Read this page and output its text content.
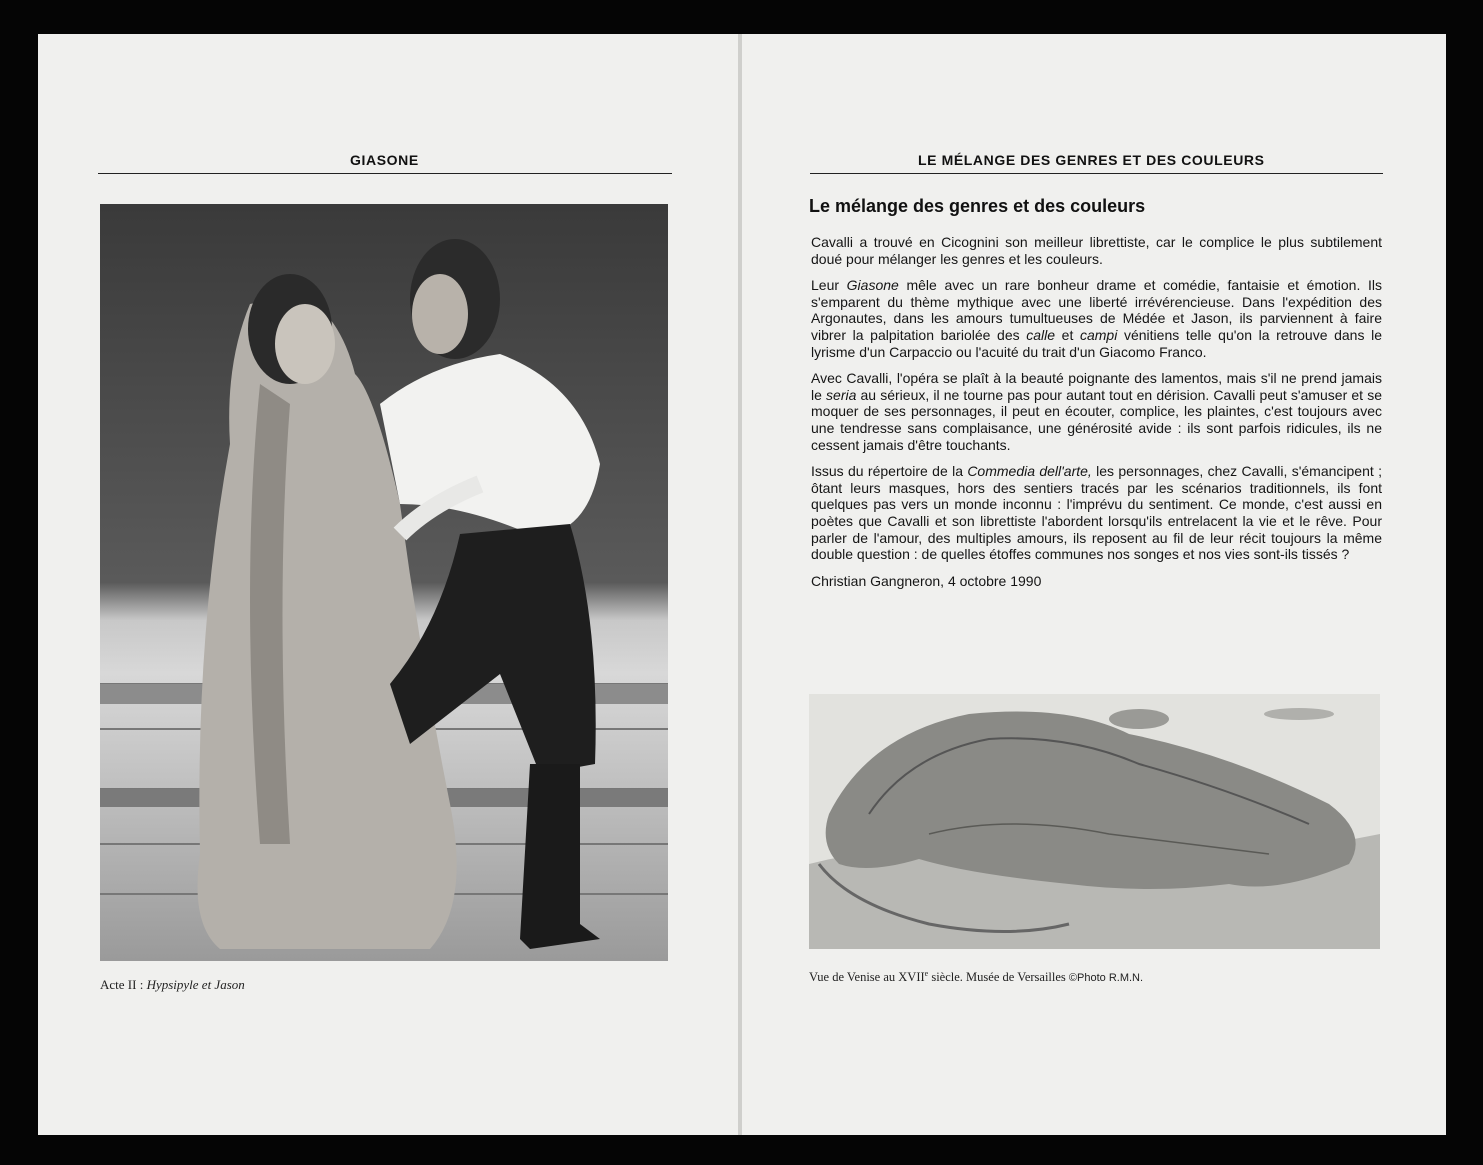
GIASONE
Acte II : Hypsipyle et Jason
LE MÉLANGE DES GENRES ET DES COULEURS
Le mélange des genres et des couleurs

Cavalli a trouvé en Cicognini son meilleur librettiste, car le complice le plus subtilement doué pour mélanger les genres et les couleurs.

Leur Giasone mêle avec un rare bonheur drame et comédie, fantaisie et émotion. Ils s'emparent du thème mythique avec une liberté irrévérencieuse. Dans l'expédition des Argonautes, dans les amours tumultueuses de Médée et Jason, ils parviennent à faire vibrer la palpitation bariolée des calle et campi vénitiens telle qu'on la retrouve dans le lyrisme d'un Carpaccio ou l'acuité du trait d'un Giacomo Franco.

Avec Cavalli, l'opéra se plaît à la beauté poignante des lamentos, mais s'il ne prend jamais le seria au sérieux, il ne tourne pas pour autant tout en dérision. Cavalli peut s'amuser et se moquer de ses personnages, il peut en écouter, complice, les plaintes, c'est toujours avec une tendresse sans complaisance, une générosité avide : ils sont parfois ridicules, ils ne cessent jamais d'être touchants.

Issus du répertoire de la Commedia dell'arte, les personnages, chez Cavalli, s'émancipent ; ôtant leurs masques, hors des sentiers tracés par les scénarios traditionnels, ils font quelques pas vers un monde inconnu : l'imprévu du sentiment. Ce monde, c'est aussi en poètes que Cavalli et son librettiste l'abordent lorsqu'ils entrelacent la vie et le rêve. Pour parler de l'amour, des multiples amours, ils reposent au fil de leur récit toujours la même double question : de quelles étoffes communes nos songes et nos vies sont-ils tissés ?

Christian Gangneron, 4 octobre 1990

Vue de Venise au XVIIe siècle. Musée de Versailles ©Photo R.M.N.
